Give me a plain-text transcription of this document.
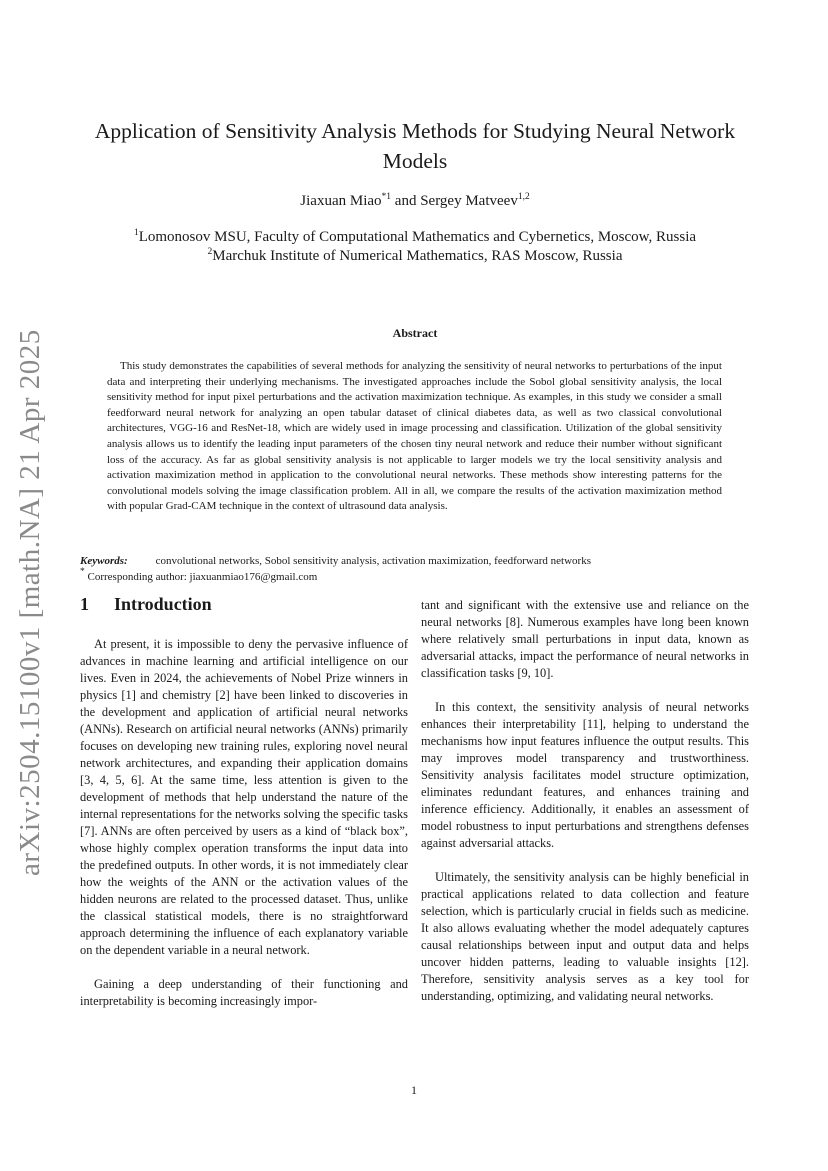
arXiv:2504.15100v1 [math.NA] 21 Apr 2025
Application of Sensitivity Analysis Methods for Studying Neural Network Models
Jiaxuan Miao$^{*1}$ and Sergey Matveev$^{1,2}$
$^1$Lomonosov MSU, Faculty of Computational Mathematics and Cybernetics, Moscow, Russia
$^2$Marchuk Institute of Numerical Mathematics, RAS Moscow, Russia
Abstract
This study demonstrates the capabilities of several methods for analyzing the sensitivity of neural networks to perturbations of the input data and interpreting their underlying mechanisms. The investigated approaches include the Sobol global sensitivity analysis, the local sensitivity method for input pixel perturbations and the activation maximization technique. As examples, in this study we consider a small feedforward neural network for analyzing an open tabular dataset of clinical diabetes data, as well as two classical convolutional architectures, VGG-16 and ResNet-18, which are widely used in image processing and classification. Utilization of the global sensitivity analysis allows us to identify the leading input parameters of the chosen tiny neural network and reduce their number without significant loss of the accuracy. As far as global sensitivity analysis is not applicable to larger models we try the local sensitivity analysis and activation maximization method in application to the convolutional neural networks. These methods show interesting patterns for the convolutional models solving the image classification problem. All in all, we compare the results of the activation maximization method with popular Grad-CAM technique in the context of ultrasound data analysis.
Keywords:	convolutional networks, Sobol sensitivity analysis, activation maximization, feedforward networks
* Corresponding author: jiaxuanmiao176@gmail.com
1 Introduction

At present, it is impossible to deny the pervasive influence of advances in machine learning and artificial intelligence on our lives. Even in 2024, the achievements of Nobel Prize winners in physics [1] and chemistry [2] have been linked to discoveries in the development and application of artificial neural networks (ANNs). Research on artificial neural networks (ANNs) primarily focuses on developing new training rules, exploring novel neural network architectures, and expanding their application domains [3, 4, 5, 6]. At the same time, less attention is given to the development of methods that help understand the nature of the internal representations for the networks solving the specific tasks [7]. ANNs are often perceived by users as a kind of “black box”, whose highly complex operation transforms the input data into the predefined outputs. In other words, it is not immediately clear how the weights of the ANN or the activation values of the hidden neurons are related to the processed dataset. Thus, unlike the classical statistical models, there is no straightforward approach determining the influence of each explanatory variable on the dependent variable in a neural network.

Gaining a deep understanding of their functioning and interpretability is becoming increasingly impor-

tant and significant with the extensive use and reliance on the neural networks [8]. Numerous examples have long been known where relatively small perturbations in input data, known as adversarial attacks, impact the performance of neural networks in classification tasks [9, 10].

In this context, the sensitivity analysis of neural networks enhances their interpretability [11], helping to understand the mechanisms how input features influence the output results. This may improves model transparency and trustworthiness. Sensitivity analysis facilitates model structure optimization, eliminates redundant features, and enhances training and inference efficiency. Additionally, it enables an assessment of model robustness to input perturbations and strengthens defenses against adversarial attacks.

Ultimately, the sensitivity analysis can be highly beneficial in practical applications related to data collection and feature selection, which is particularly crucial in fields such as medicine. It also allows evaluating whether the model adequately captures causal relationships between input and output data and helps uncover hidden patterns, leading to valuable insights [12]. Therefore, sensitivity analysis serves as a key tool for understanding, optimizing, and validating neural networks.

1
